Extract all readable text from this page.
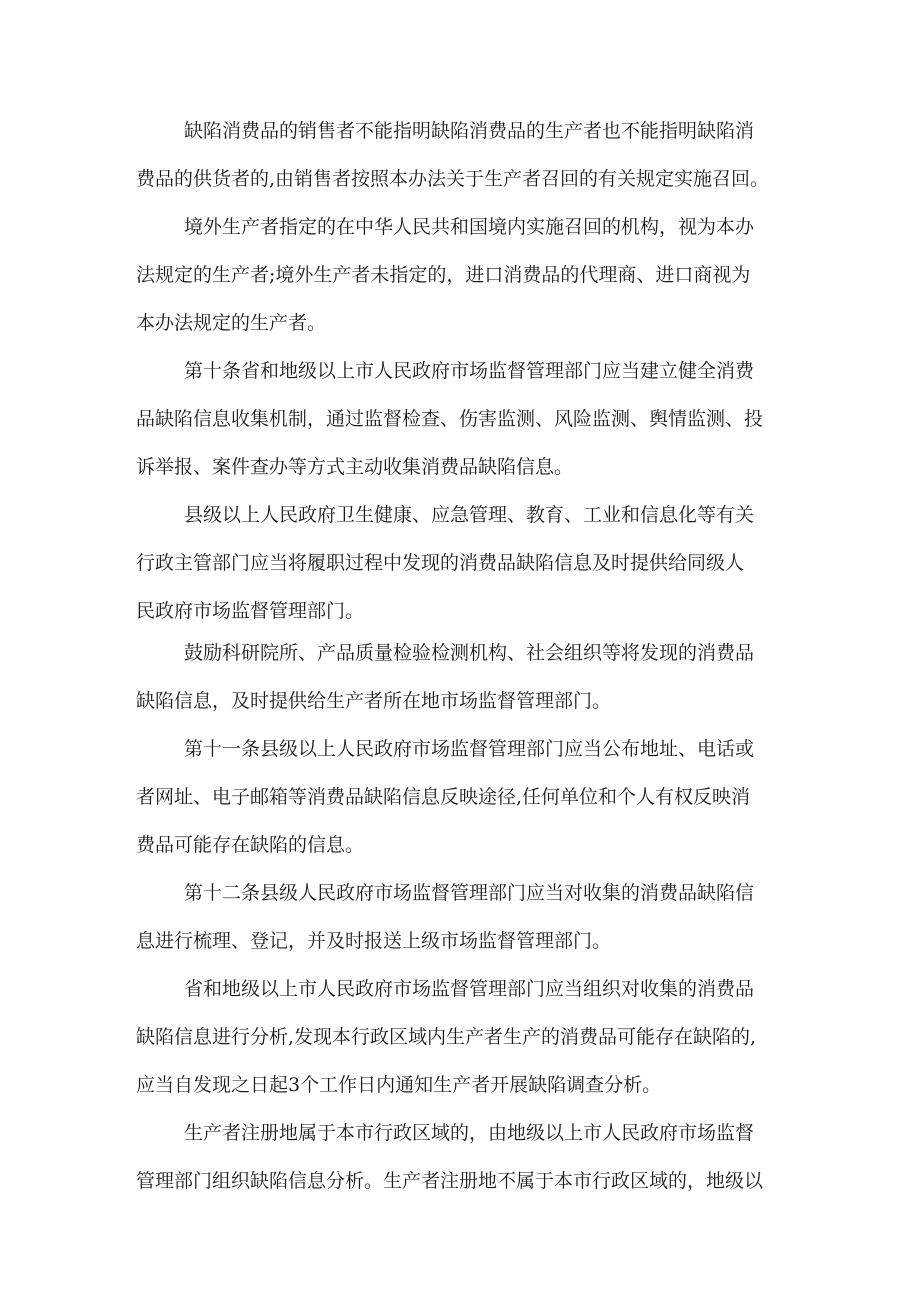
缺陷消费品的销售者不能指明缺陷消费品的生产者也不能指明缺陷消

费品的供货者的,由销售者按照本办法关于生产者召回的有关规定实施召回。

境外生产者指定的在中华人民共和国境内实施召回的机构，视为本办

法规定的生产者;境外生产者未指定的，进口消费品的代理商、进口商视为

本办法规定的生产者。

第十条省和地级以上市人民政府市场监督管理部门应当建立健全消费

品缺陷信息收集机制，通过监督检查、伤害监测、风险监测、舆情监测、投

诉举报、案件查办等方式主动收集消费品缺陷信息。

县级以上人民政府卫生健康、应急管理、教育、工业和信息化等有关

行政主管部门应当将履职过程中发现的消费品缺陷信息及时提供给同级人

民政府市场监督管理部门。

鼓励科研院所、产品质量检验检测机构、社会组织等将发现的消费品

缺陷信息，及时提供给生产者所在地市场监督管理部门。

第十一条县级以上人民政府市场监督管理部门应当公布地址、电话或

者网址、电子邮箱等消费品缺陷信息反映途径,任何单位和个人有权反映消

费品可能存在缺陷的信息。

第十二条县级人民政府市场监督管理部门应当对收集的消费品缺陷信

息进行梳理、登记，并及时报送上级市场监督管理部门。

省和地级以上市人民政府市场监督管理部门应当组织对收集的消费品

缺陷信息进行分析,发现本行政区域内生产者生产的消费品可能存在缺陷的,

应当自发现之日起3个工作日内通知生产者开展缺陷调查分析。

生产者注册地属于本市行政区域的，由地级以上市人民政府市场监督

管理部门组织缺陷信息分析。生产者注册地不属于本市行政区域的，地级以
